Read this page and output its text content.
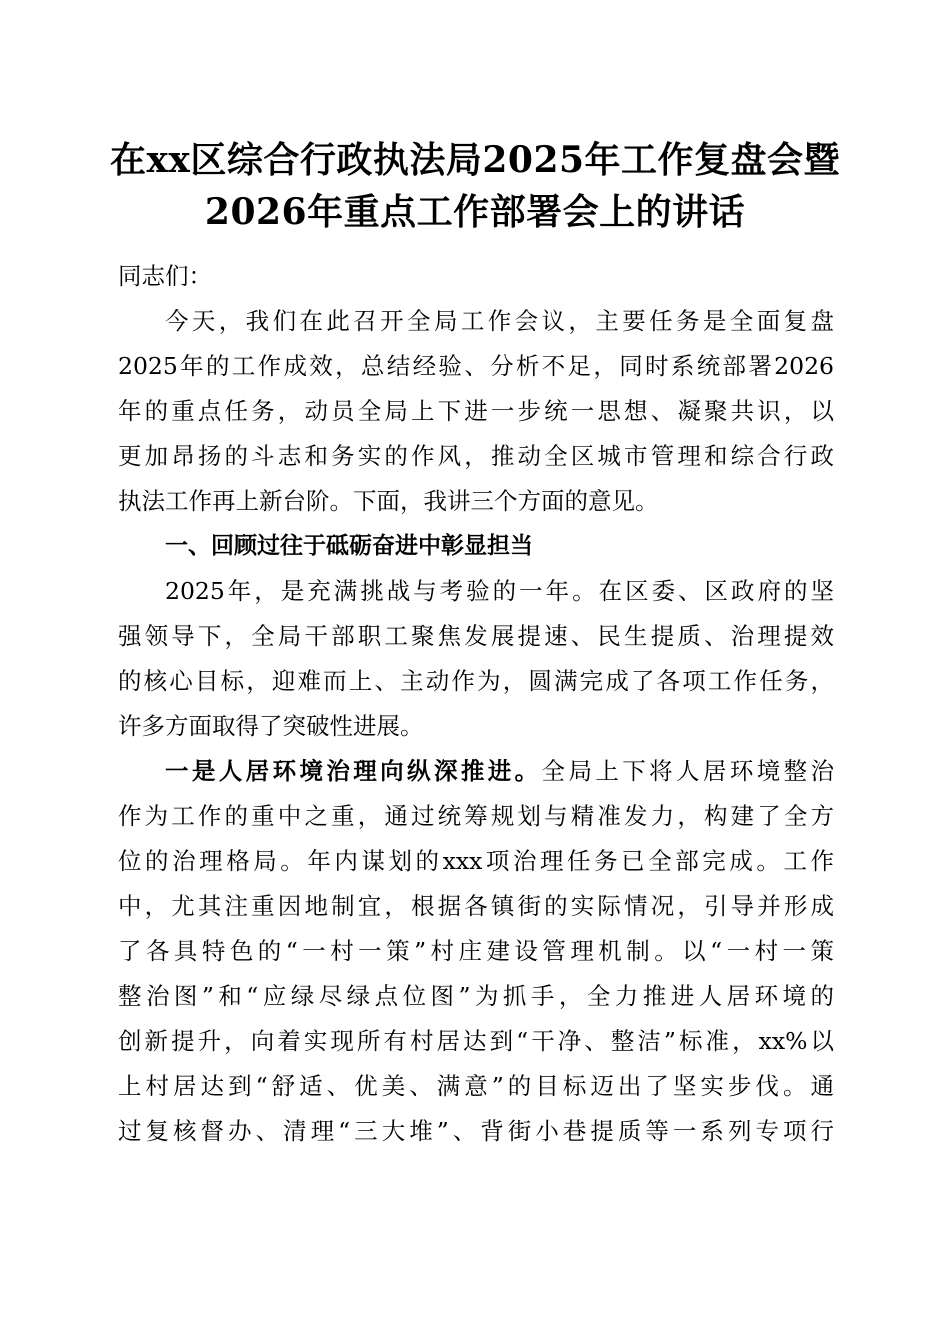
在xx区综合行政执法局2025年工作复盘会暨
2026年重点工作部署会上的讲话
同志们：
今天，我们在此召开全局工作会议，主要任务是全面复盘
2025年的工作成效，总结经验、分析不足，同时系统部署2026
年的重点任务，动员全局上下进一步统一思想、凝聚共识，以
更加昂扬的斗志和务实的作风，推动全区城市管理和综合行政
执法工作再上新台阶。下面，我讲三个方面的意见。
一、回顾过往于砥砺奋进中彰显担当
2025年，是充满挑战与考验的一年。在区委、区政府的坚
强领导下，全局干部职工聚焦发展提速、民生提质、治理提效
的核心目标，迎难而上、主动作为，圆满完成了各项工作任务，
许多方面取得了突破性进展。
一是人居环境治理向纵深推进。全局上下将人居环境整治
作为工作的重中之重，通过统筹规划与精准发力，构建了全方
位的治理格局。年内谋划的xxx项治理任务已全部完成。工作
中，尤其注重因地制宜，根据各镇街的实际情况，引导并形成
了各具特色的“一村一策”村庄建设管理机制。以“一村一策
整治图”和“应绿尽绿点位图”为抓手，全力推进人居环境的
创新提升，向着实现所有村居达到“干净、整洁”标准，xx%以
上村居达到“舒适、优美、满意”的目标迈出了坚实步伐。通
过复核督办、清理“三大堆”、背街小巷提质等一系列专项行
